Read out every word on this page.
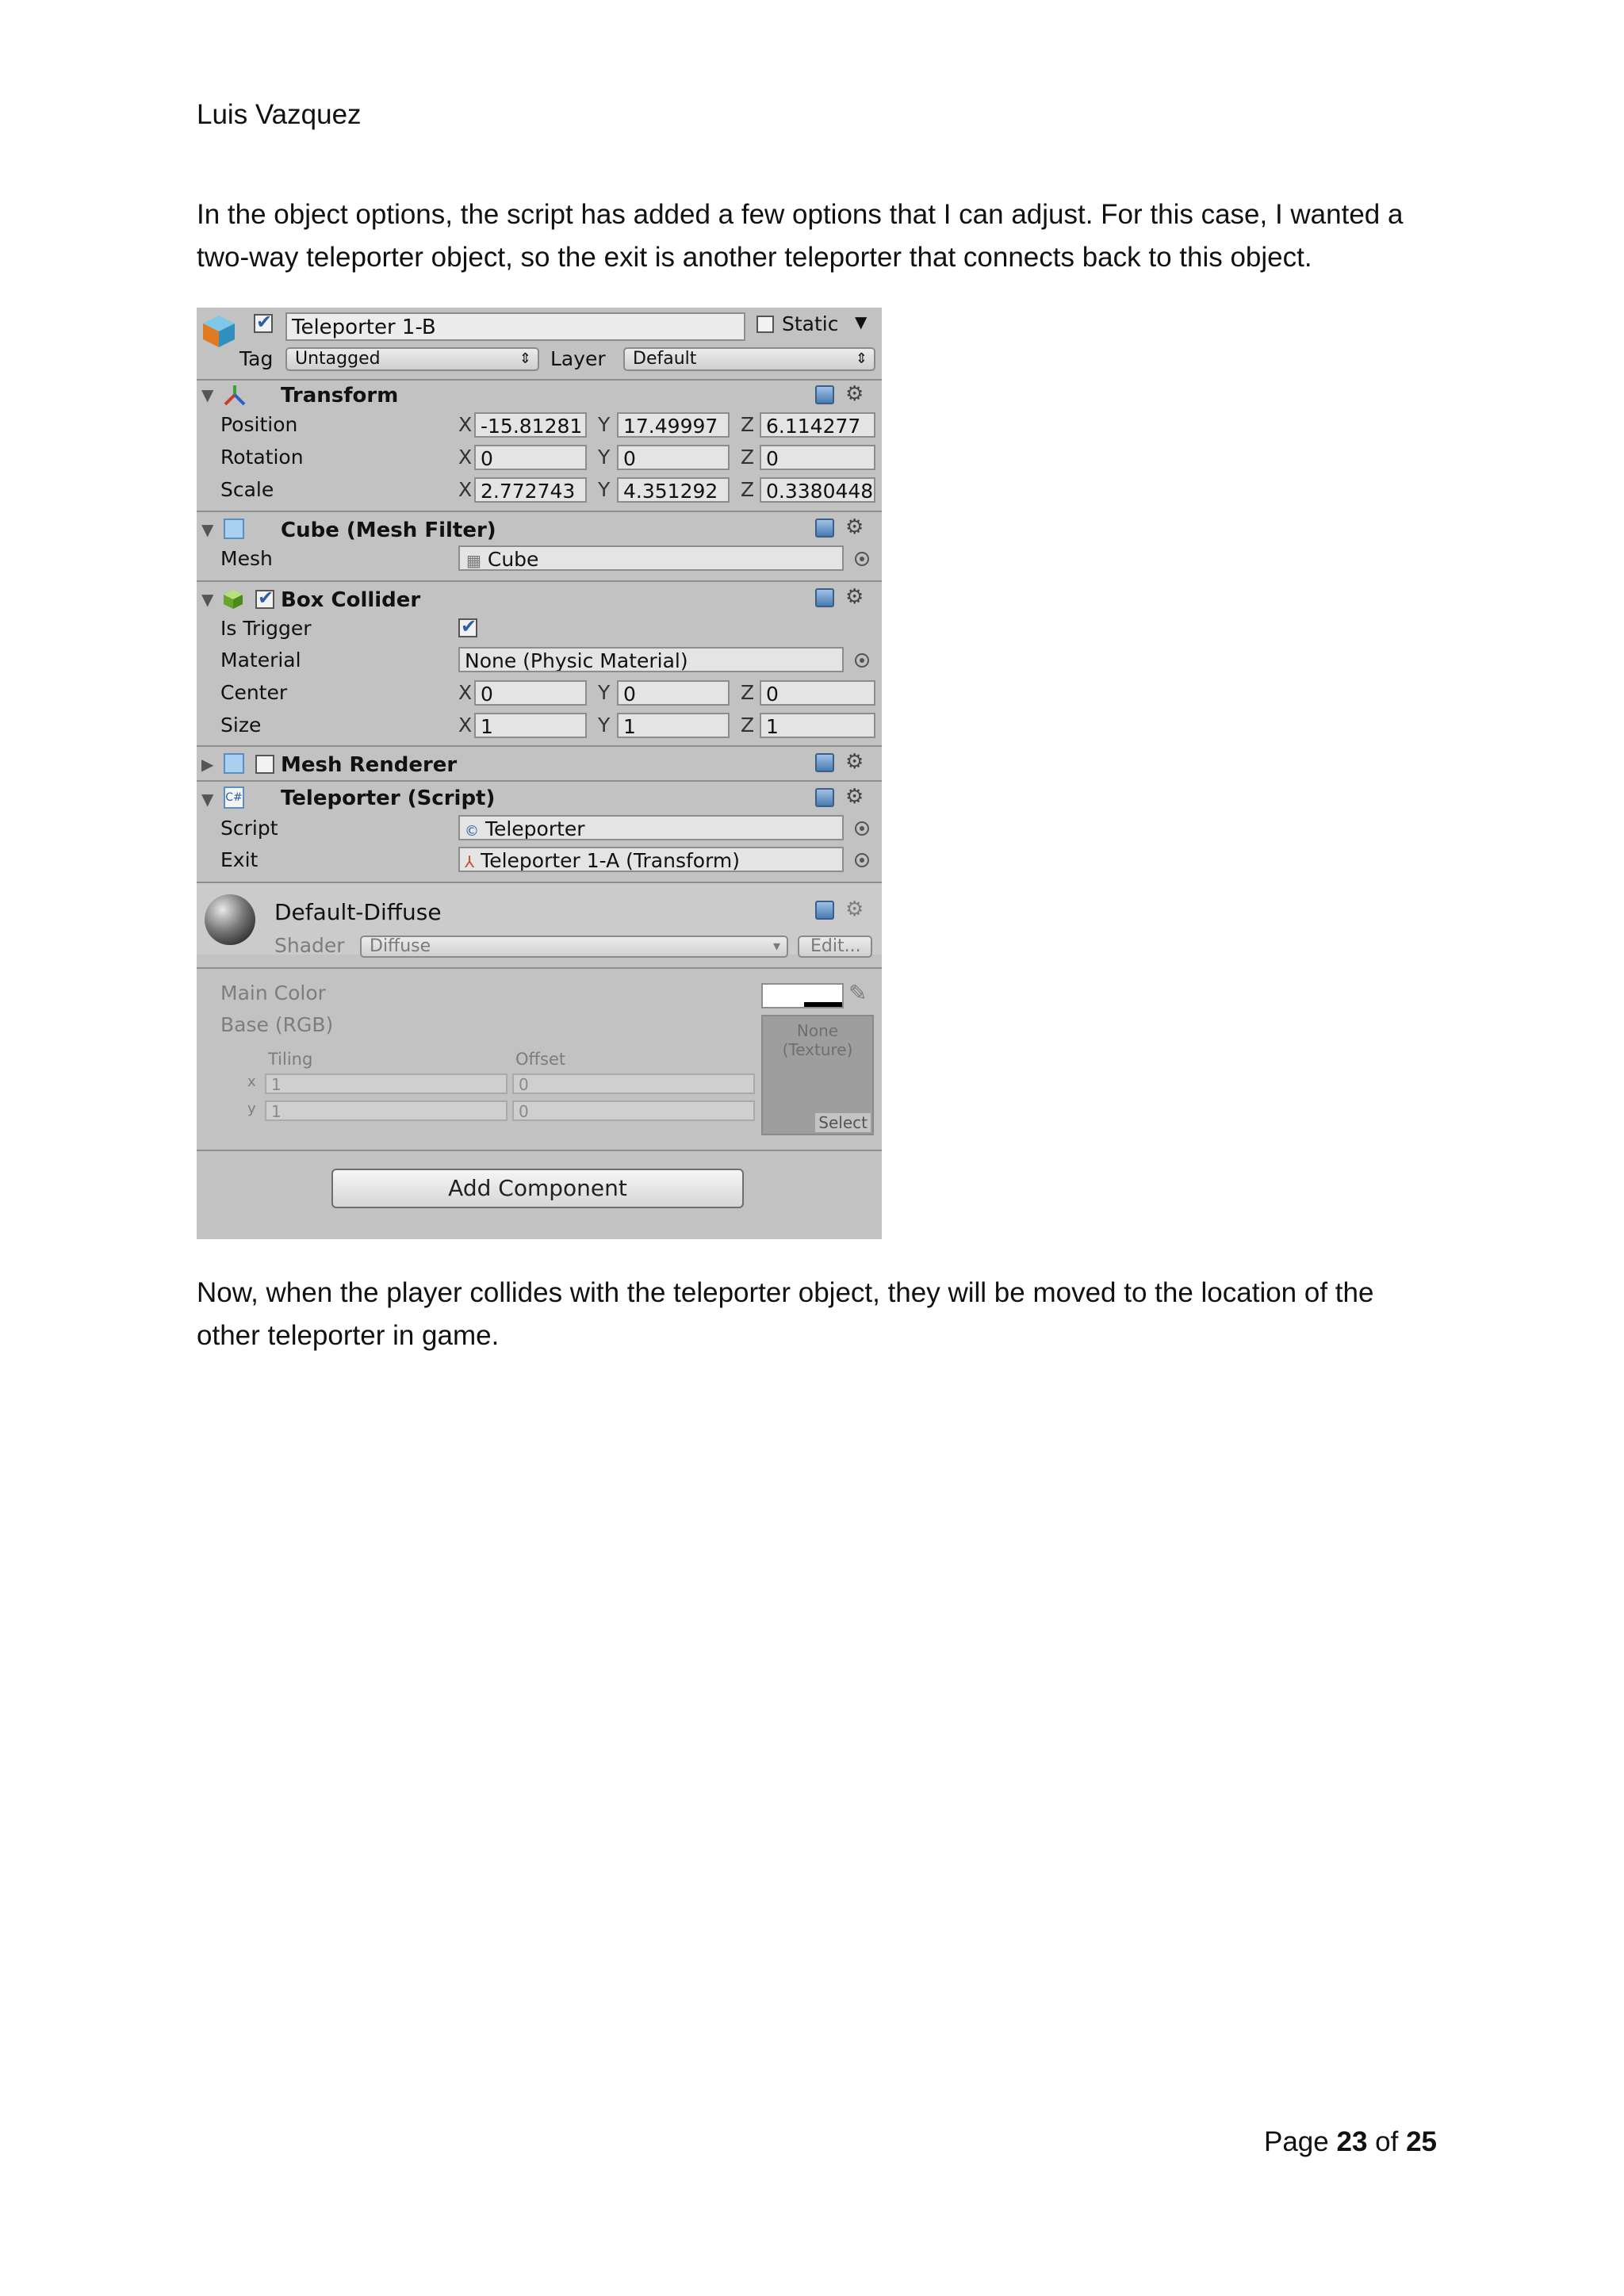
Luis Vazquez
In the object options, the script has added a few options that I can adjust. For this case, I wanted a two-way teleporter object, so the exit is another teleporter that connects back to this object.
✔
Teleporter 1-B	Static ▼
Tag	Untagged	⇕ Layer	Default	⇕
▼	Transform	⚙
Position	X -15.81281 Y 17.49997	Z 6.114277
Rotation	X 0	Y 0	Z 0
Scale	X 2.772743	Y 4.351292	Z 0.3380448
▼	Cube (Mesh Filter)	⚙
Mesh	▦ Cube
▼
✔	Box Collider	⚙
Is Trigger
✔
Material	None (Physic Material)
Center	X 0	Y 0	Z 0
Size	X 1	Y 1	Z 1
▶	Mesh Renderer	⚙
▼ C# Teleporter (Script)	⚙
Script	© Teleporter
Exit	⅄ Teleporter 1-A (Transform)
Default-Diffuse	⚙
Shader	Diffuse	▾	Edit...
Main Color	✎
Base (RGB)	None
(Texture)
Select
Tiling	Offset
x 1	0
y 1	0
Add Component
Now, when the player collides with the teleporter object, they will be moved to the location of the other teleporter in game.
Page 23 of 25
